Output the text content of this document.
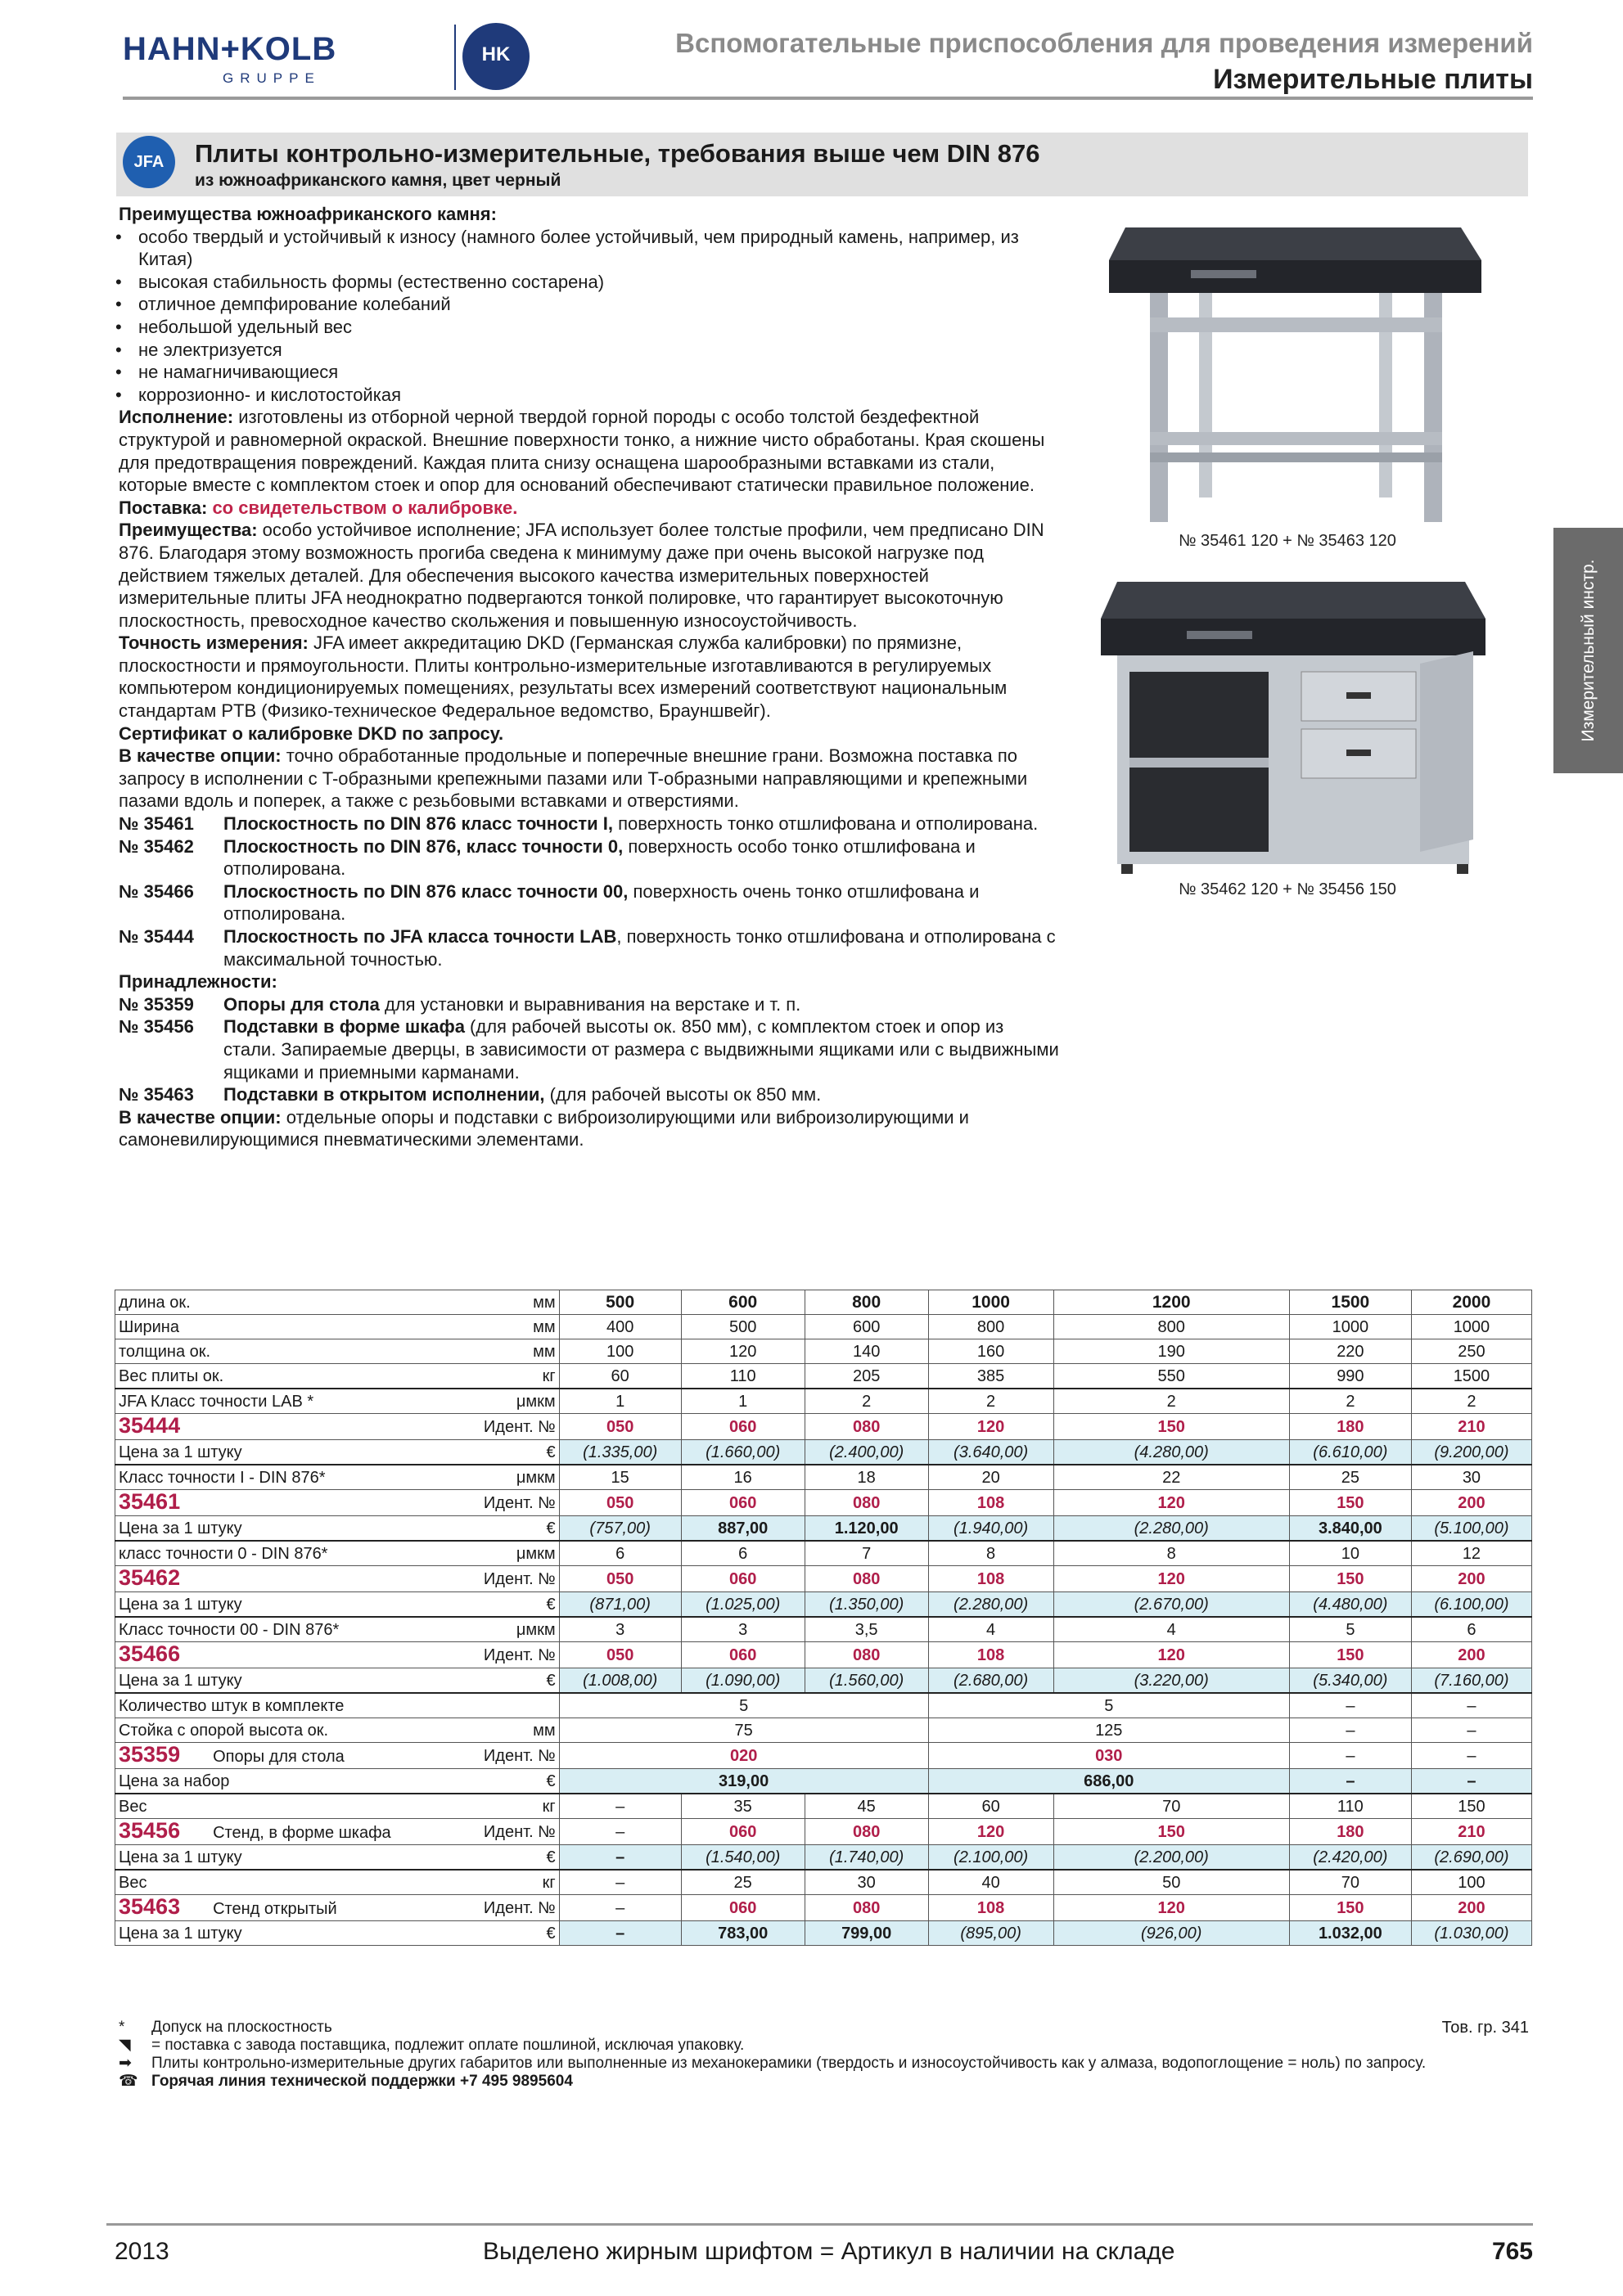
HAHN+KOLB
GRUPPE
HK	Вспомогательные приспособления для проведения измерений
Измерительные плиты
Измерительный инстр.
JFA	Плиты контрольно-измерительные, требования выше чем DIN 876
из южноафриканского камня, цвет черный

Преимущества южноафриканского камня:

• особо твердый и устойчивый к износу (намного более устойчивый, чем природный камень, например, из Китая)

• высокая стабильность формы (естественно состарена)

• отличное демпфирование колебаний

• небольшой удельный вес

• не электризуется

• не намагничивающиеся

• коррозионно- и кислотостойкая

Исполнение: изготовлены из отборной черной твердой горной породы с особо толстой бездефектной структурой и равномерной окраской. Внешние поверхности тонко, а нижние чисто обработаны. Края скошены для предотвращения повреждений. Каждая плита снизу оснащена шарообразными вставками из стали, которые вместе с комплектом стоек и опор для оснований обеспечивают статически правильное положение.

Поставка: со свидетельством о калибровке.

Преимущества: особо устойчивое исполнение; JFA использует более толстые профили, чем предписано DIN 876. Благодаря этому возможность прогиба сведена к минимуму даже при очень высокой нагрузке под действием тяжелых деталей. Для обеспечения высокого качества измерительных поверхностей измерительные плиты JFA неоднократно подвергаются тонкой полировке, что гарантирует высокоточную плоскостность, превосходное качество скольжения и повышенную износоустойчивость.

Точность измерения: JFA имеет аккредитацию DKD (Германская служба калибровки) по прямизне, плоскостности и прямоугольности. Плиты контрольно-измерительные изготавливаются в регулируемых компьютером кондиционируемых помещениях, результаты всех измерений соответствуют национальным стандартам PTB (Физико-техническое Федеральное ведомство, Брауншвейг).

Сертификат о калибровке DKD по запросу.

В качестве опции: точно обработанные продольные и поперечные внешние грани. Возможна поставка по запросу в исполнении с T-образными крепежными пазами или T-образными направляющими и крепежными пазами вдоль и поперек, а также с резьбовыми вставками и отверстиями.

№ 35461	Плоскостность по DIN 876 класс точности I, поверхность тонко отшлифована и отполирована.
№ 35462	Плоскостность по DIN 876, класс точности 0, поверхность особо тонко отшлифована и отполирована.
№ 35466	Плоскостность по DIN 876 класс точности 00, поверхность очень тонко отшлифована и отполирована.
№ 35444	Плоскостность по JFA класса точности LAB, поверхность тонко отшлифована и отполирована с максимальной точностью.

Принадлежности:

№ 35359	Опоры для стола для установки и выравнивания на верстаке и т. п.
№ 35456	Подставки в форме шкафа (для рабочей высоты ок. 850 мм), с комплектом стоек и опор из стали. Запираемые дверцы, в зависимости от размера с выдвижными ящиками или с выдвижными ящиками и приемными карманами.
№ 35463	Подставки в открытом исполнении, (для рабочей высоты ок 850 мм.

В качестве опции: отдельные опоры и подставки с виброизолирующими или виброизолирующими и самоневилирующимися пневматическими элементами.

№ 35461 120 + № 35463 120
№ 35462 120 + № 35456 150
длина ок.	мм	500	600	800	1000	1200	1500	2000
Ширина	мм	400	500	600	800	800	1000	1000
толщина ок.	мм	100	120	140	160	190	220	250
Вес плиты ок.	кг	60	110	205	385	550	990	1500
JFA Класс точности LAB *	μмкм	1	1	2	2	2	2	2
35444	Идент. №	050	060	080	120	150	180	210
Цена за 1 штуку	€	(1.335,00)	(1.660,00)	(2.400,00)	(3.640,00)	(4.280,00)	(6.610,00)	(9.200,00)
Класс точности I - DIN 876*	μмкм	15	16	18	20	22	25	30
35461	Идент. №	050	060	080	108	120	150	200
Цена за 1 штуку	€	(757,00)	887,00	1.120,00	(1.940,00)	(2.280,00)	3.840,00	(5.100,00)
класс точности 0 - DIN 876*	μмкм	6	6	7	8	8	10	12
35462	Идент. №	050	060	080	108	120	150	200
Цена за 1 штуку	€	(871,00)	(1.025,00)	(1.350,00)	(2.280,00)	(2.670,00)	(4.480,00)	(6.100,00)
Класс точности 00 - DIN 876*	μмкм	3	3	3,5	4	4	5	6
35466	Идент. №	050	060	080	108	120	150	200
Цена за 1 штуку	€	(1.008,00)	(1.090,00)	(1.560,00)	(2.680,00)	(3.220,00)	(5.340,00)	(7.160,00)
Количество штук в комплекте		5			5		–	–
Стойка с опорой высота ок.	мм	75			125		–	–
35359 Опоры для стола	Идент. №	020			030		–	–
Цена за набор	€	319,00			686,00		–	–
Вес	кг	–	35	45	60	70	110	150
35456 Стенд, в форме шкафа	Идент. №	–	060	080	120	150	180	210
Цена за 1 штуку	€	–	(1.540,00)	(1.740,00)	(2.100,00)	(2.200,00)	(2.420,00)	(2.690,00)
Вес	кг	–	25	30	40	50	70	100
35463 Стенд открытый	Идент. №	–	060	080	108	120	150	200
Цена за 1 штуку	€	–	783,00	799,00	(895,00)	(926,00)	1.032,00	(1.030,00)
*	Допуск на плоскостность
◥	= поставка с завода поставщика, подлежит оплате пошлиной, исключая упаковку.
➡	Плиты контрольно-измерительные других габаритов или выполненные из механокерамики (твердость и износоустойчивость как у алмаза, водопоглощение = ноль) по запросу.
☎ Горячая линия технической поддержки +7 495 9895604
Тов. гр. 341
2013	Выделено жирным шрифтом = Артикул в наличии на складе	765
